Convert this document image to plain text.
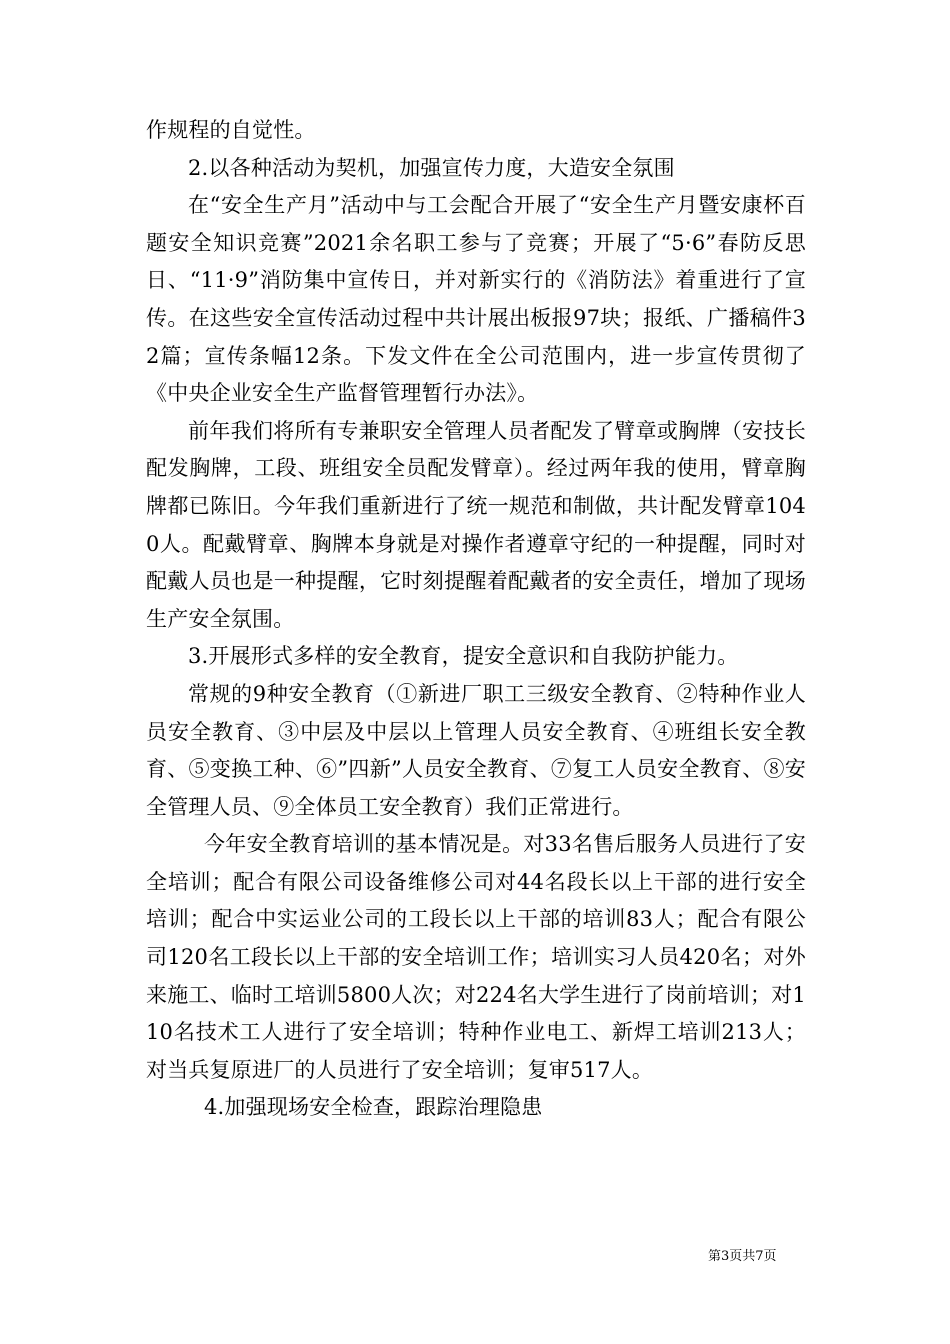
作规程的自觉性。

2.以各种活动为契机，加强宣传力度，大造安全氛围

在“安全生产月”活动中与工会配合开展了“安全生产月暨安康杯百题安全知识竞赛”2021余名职工参与了竞赛；开展了“5·6”春防反思日、“11·9”消防集中宣传日，并对新实行的《消防法》着重进行了宣传。在这些安全宣传活动过程中共计展出板报97块；报纸、广播稿件32篇；宣传条幅12条。下发文件在全公司范围内，进一步宣传贯彻了《中央企业安全生产监督管理暂行办法》。

前年我们将所有专兼职安全管理人员者配发了臂章或胸牌（安技长配发胸牌，工段、班组安全员配发臂章）。经过两年我的使用，臂章胸牌都已陈旧。今年我们重新进行了统一规范和制做，共计配发臂章1040人。配戴臂章、胸牌本身就是对操作者遵章守纪的一种提醒，同时对配戴人员也是一种提醒，它时刻提醒着配戴者的安全责任，增加了现场生产安全氛围。

3.开展形式多样的安全教育，提安全意识和自我防护能力。

常规的9种安全教育（①新进厂职工三级安全教育、②特种作业人员安全教育、③中层及中层以上管理人员安全教育、④班组长安全教育、⑤变换工种、⑥”四新”人员安全教育、⑦复工人员安全教育、⑧安全管理人员、⑨全体员工安全教育）我们正常进行。

今年安全教育培训的基本情况是。对33名售后服务人员进行了安全培训；配合有限公司设备维修公司对44名段长以上干部的进行安全培训；配合中实运业公司的工段长以上干部的培训83人；配合有限公司120名工段长以上干部的安全培训工作；培训实习人员420名；对外来施工、临时工培训5800人次；对224名大学生进行了岗前培训；对110名技术工人进行了安全培训；特种作业电工、新焊工培训213人；对当兵复原进厂的人员进行了安全培训；复审517人。

4.加强现场安全检查，跟踪治理隐患

第3页共7页
